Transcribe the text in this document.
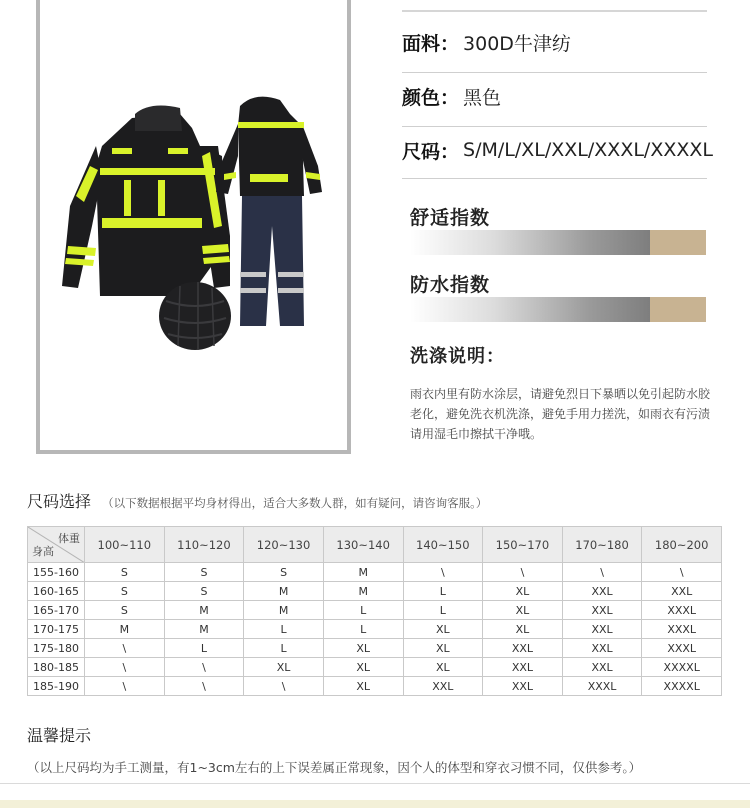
面料： 300D牛津纺
颜色： 黑色
尺码： S/M/L/XL/XXL/XXXL/XXXXL
舒适指数
防水指数
洗涤说明：
雨衣内里有防水涂层，请避免烈日下暴晒以免引起防水胶老化，避免洗衣机洗涤，避免手用力搓洗，如雨衣有污渍请用湿毛巾擦拭干净哦。
尺码选择 （以下数据根据平均身材得出，适合大多数人群，如有疑问，请咨询客服。）
体重
身高	100~110	110~120	120~130	130~140	140~150	150~170	170~180	180~200
155-160	S	S	S	M	\	\	\	\
160-165	S	S	M	M	L	XL	XXL	XXL
165-170	S	M	M	L	L	XL	XXL	XXXL
170-175	M	M	L	L	XL	XL	XXL	XXXL
175-180	\	L	L	XL	XL	XXL	XXL	XXXL
180-185	\	\	XL	XL	XL	XXL	XXL	XXXXL
185-190	\	\	\	XL	XXL	XXL	XXXL	XXXXL
温馨提示
（以上尺码均为手工测量，有1~3cm左右的上下误差属正常现象，因个人的体型和穿衣习惯不同，仅供参考。）
